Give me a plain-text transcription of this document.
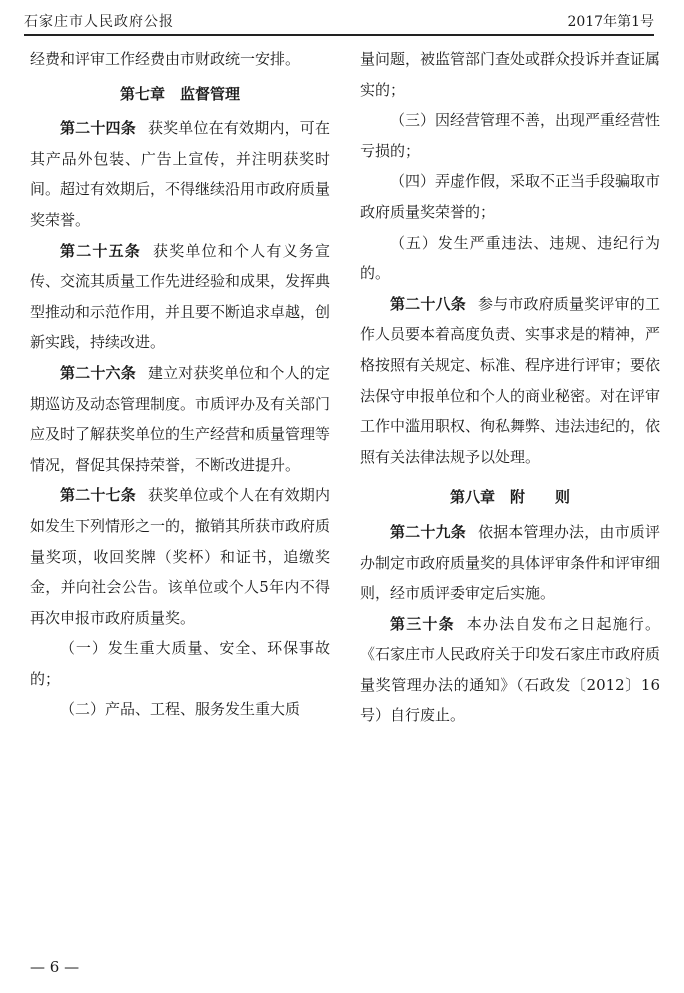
石家庄市人民政府公报	2017年第1号

经费和评审工作经费由市财政统一安排。

第七章　监督管理

第二十四条 获奖单位在有效期内，可在其产品外包装、广告上宣传，并注明获奖时间。超过有效期后，不得继续沿用市政府质量奖荣誉。

第二十五条 获奖单位和个人有义务宣传、交流其质量工作先进经验和成果，发挥典型推动和示范作用，并且要不断追求卓越，创新实践，持续改进。

第二十六条 建立对获奖单位和个人的定期巡访及动态管理制度。市质评办及有关部门应及时了解获奖单位的生产经营和质量管理等情况，督促其保持荣誉，不断改进提升。

第二十七条 获奖单位或个人在有效期内如发生下列情形之一的，撤销其所获市政府质量奖项，收回奖牌（奖杯）和证书，追缴奖金，并向社会公告。该单位或个人5年内不得再次申报市政府质量奖。

（一）发生重大质量、安全、环保事故的；

（二）产品、工程、服务发生重大质

量问题，被监管部门查处或群众投诉并查证属实的；

（三）因经营管理不善，出现严重经营性亏损的；

（四）弄虚作假，采取不正当手段骗取市政府质量奖荣誉的；

（五）发生严重违法、违规、违纪行为的。

第二十八条 参与市政府质量奖评审的工作人员要本着高度负责、实事求是的精神，严格按照有关规定、标准、程序进行评审；要依法保守申报单位和个人的商业秘密。对在评审工作中滥用职权、徇私舞弊、违法违纪的，依照有关法律法规予以处理。

第八章　附　　则

第二十九条 依据本管理办法，由市质评办制定市政府质量奖的具体评审条件和评审细则，经市质评委审定后实施。

第三十条 本办法自发布之日起施行。《石家庄市人民政府关于印发石家庄市政府质量奖管理办法的通知》（石政发〔2012〕16号）自行废止。

— 6 —
